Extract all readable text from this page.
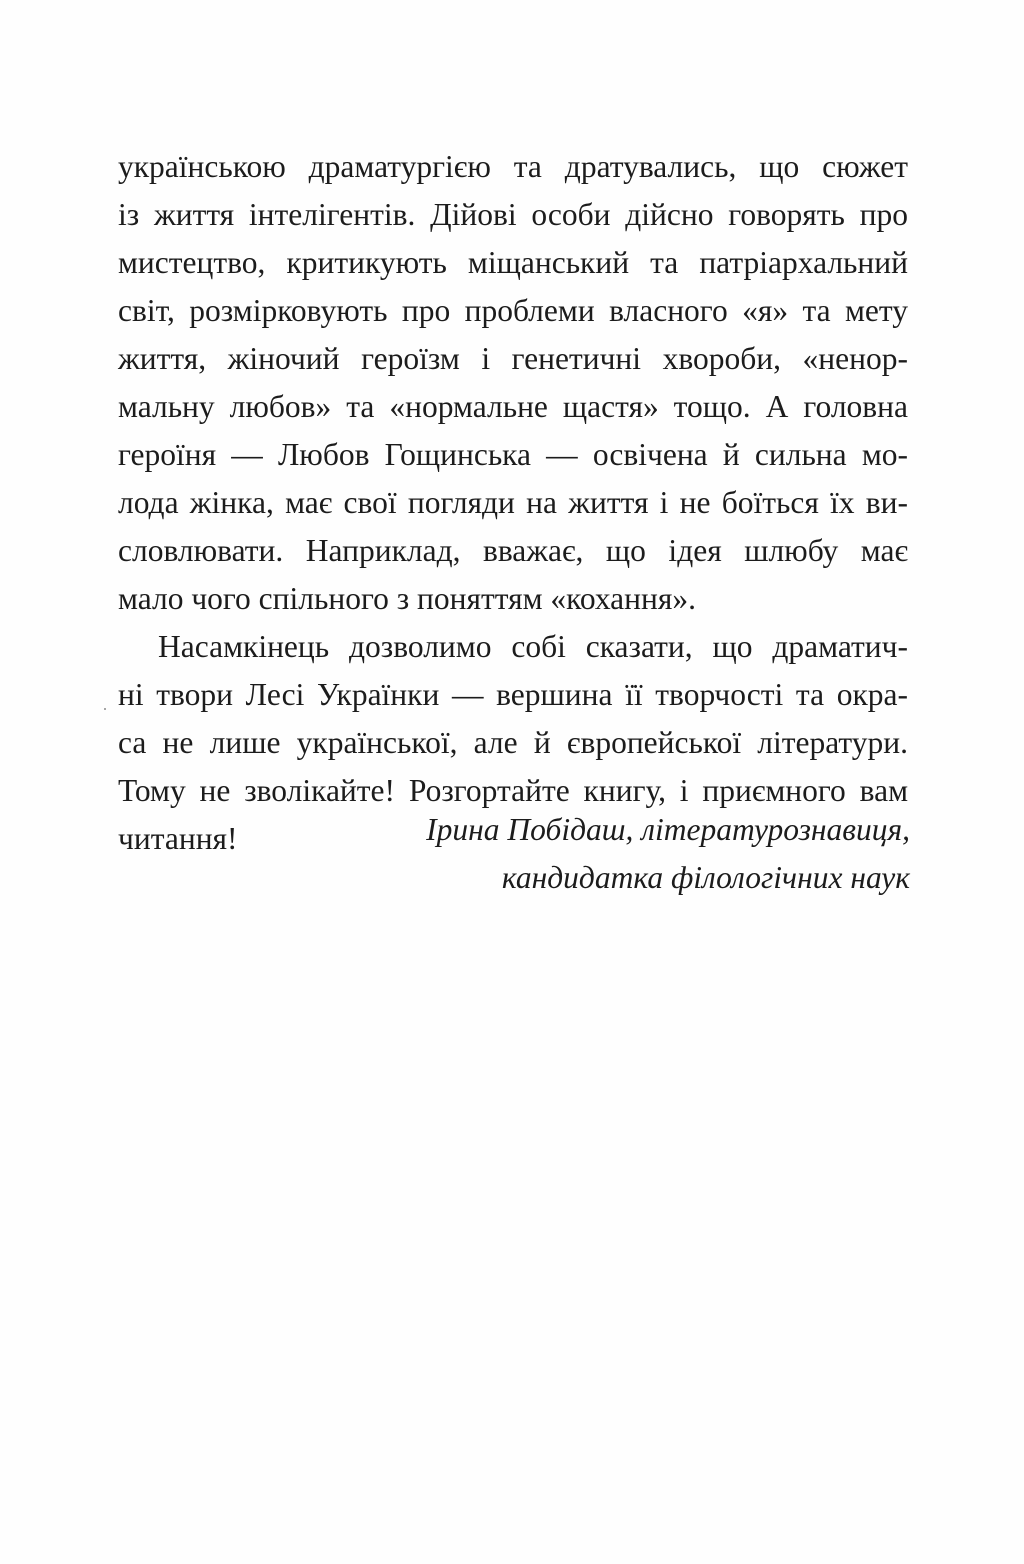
українською драматургією та дратувались, що сюжет
із життя інтелігентів. Дійові особи дійсно говорять про
мистецтво, критикують міщанський та патріархальний
світ, розмірковують про проблеми власного «я» та мету
життя, жіночий героїзм і генетичні хвороби, «ненор-
мальну любов» та «нормальне щастя» тощо. А головна
героїня — Любов Гощинська — освічена й сильна мо-
лода жінка, має свої погляди на життя і не боїться їх ви-
словлювати. Наприклад, вважає, що ідея шлюбу має
мало чого спільного з поняттям «кохання».
Насамкінець дозволимо собі сказати, що драматич-
ні твори Лесі Українки — вершина її творчості та окра-
са не лише української, але й європейської літератури.
Тому не зволікайте! Розгортайте книгу, і приємного вам
читання!	Ірина Побідаш, літературознавиця,
кандидатка філологічних наук
